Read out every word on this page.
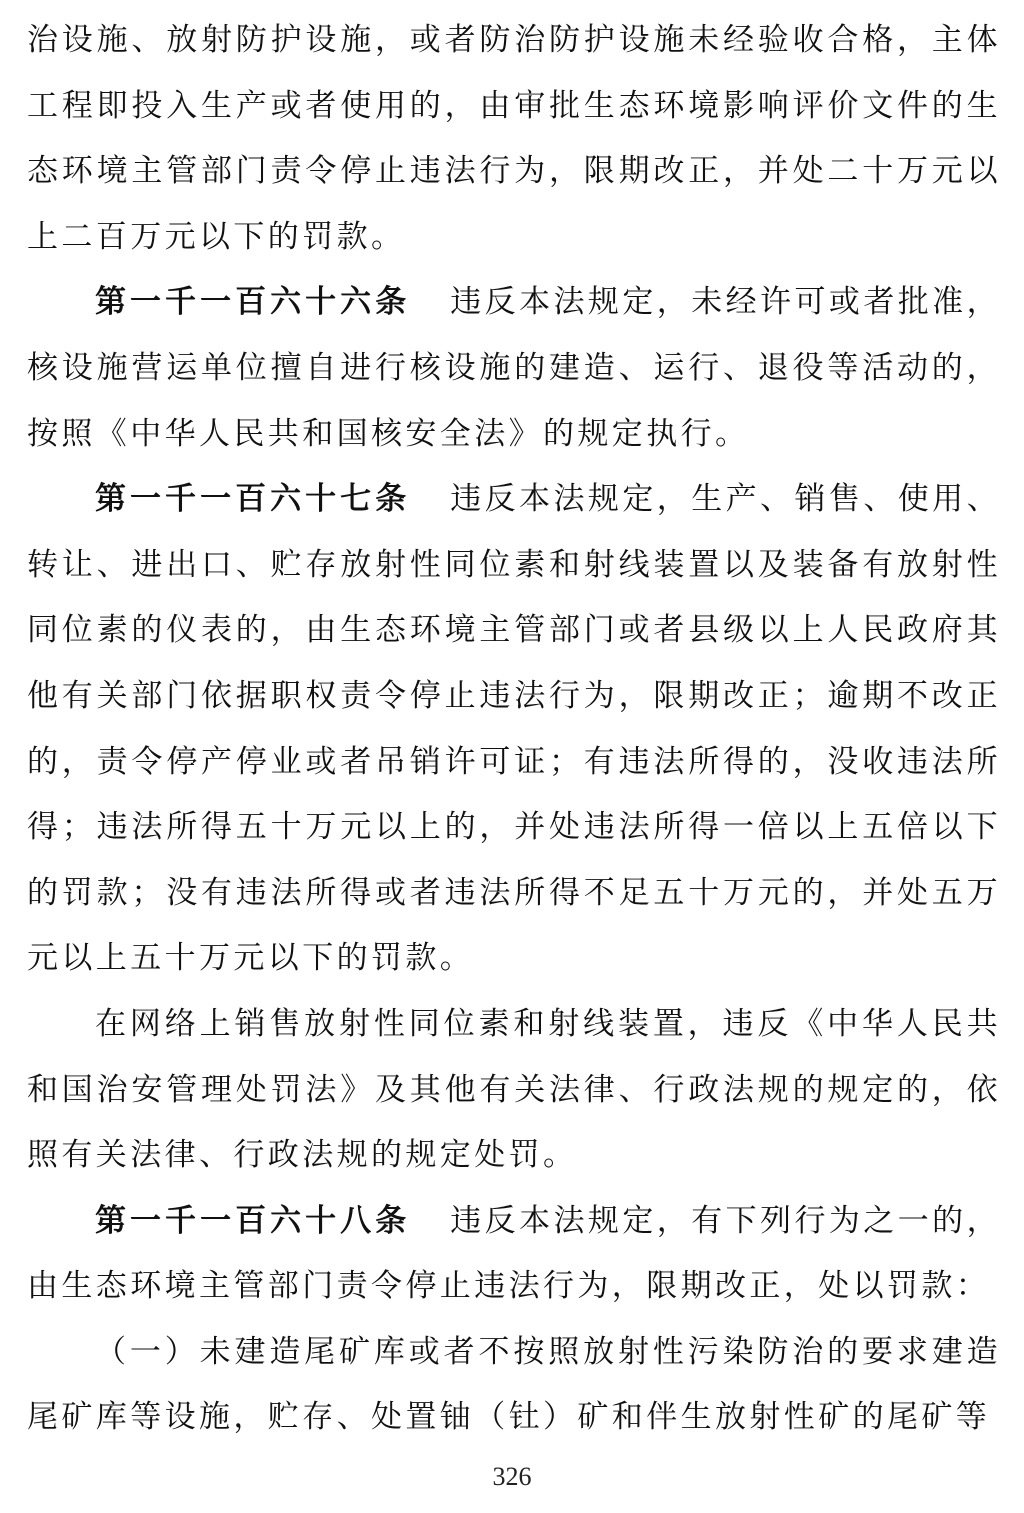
治设施、放射防护设施，或者防治防护设施未经验收合格，主体工程即投入生产或者使用的，由审批生态环境影响评价文件的生态环境主管部门责令停止违法行为，限期改正，并处二十万元以上二百万元以下的罚款。

第一千一百六十六条 违反本法规定，未经许可或者批准，核设施营运单位擅自进行核设施的建造、运行、退役等活动的，按照《中华人民共和国核安全法》的规定执行。

第一千一百六十七条 违反本法规定，生产、销售、使用、转让、进出口、贮存放射性同位素和射线装置以及装备有放射性同位素的仪表的，由生态环境主管部门或者县级以上人民政府其他有关部门依据职权责令停止违法行为，限期改正；逾期不改正的，责令停产停业或者吊销许可证；有违法所得的，没收违法所得；违法所得五十万元以上的，并处违法所得一倍以上五倍以下的罚款；没有违法所得或者违法所得不足五十万元的，并处五万元以上五十万元以下的罚款。

在网络上销售放射性同位素和射线装置，违反《中华人民共和国治安管理处罚法》及其他有关法律、行政法规的规定的，依照有关法律、行政法规的规定处罚。

第一千一百六十八条 违反本法规定，有下列行为之一的，由生态环境主管部门责令停止违法行为，限期改正，处以罚款：

（一）未建造尾矿库或者不按照放射性污染防治的要求建造尾矿库等设施，贮存、处置铀（钍）矿和伴生放射性矿的尾矿等

326
